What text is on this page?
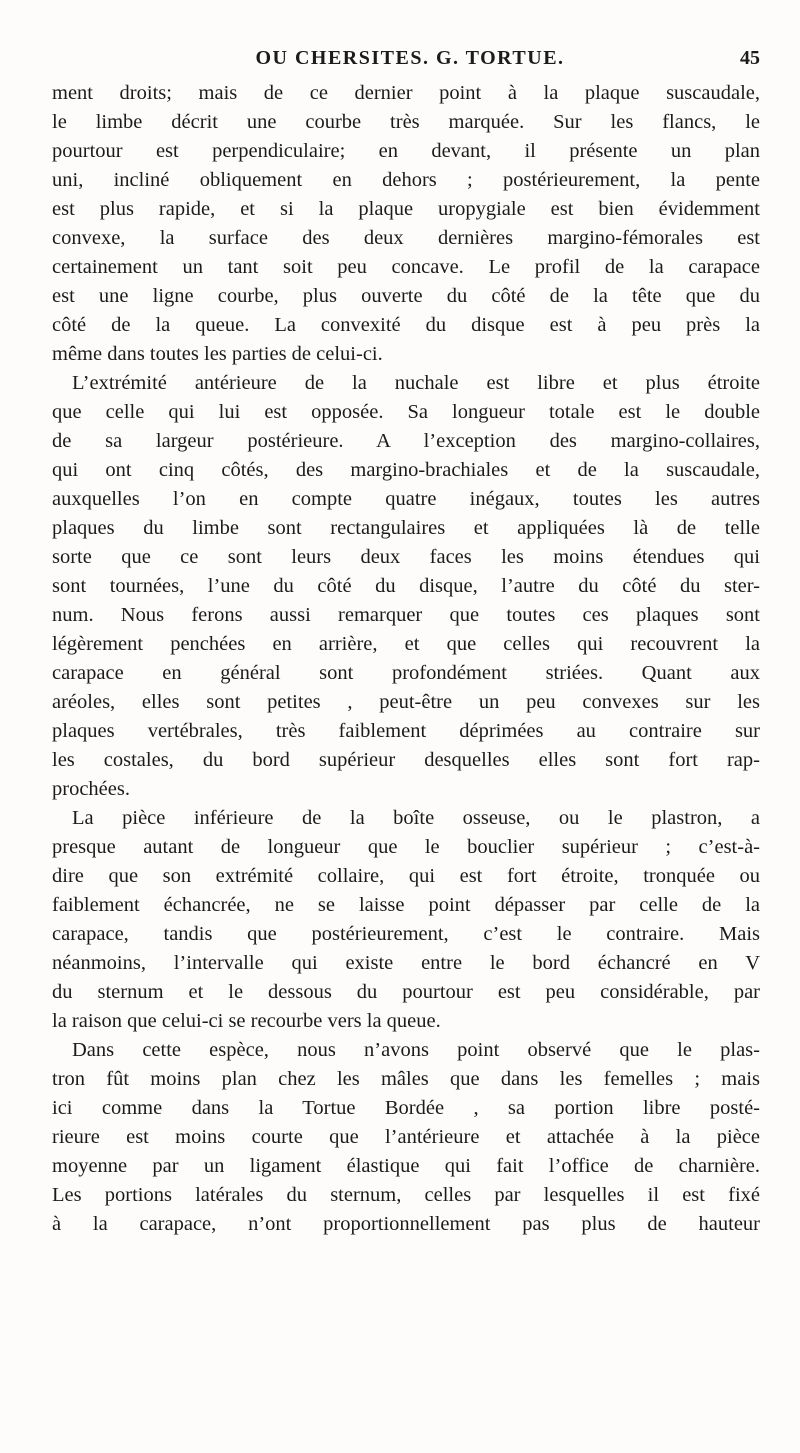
OU CHERSITES. G. TORTUE.	45
ment droits; mais de ce dernier point à la plaque suscaudale,
le limbe décrit une courbe très marquée. Sur les flancs, le
pourtour est perpendiculaire; en devant, il présente un plan
uni, incliné obliquement en dehors ; postérieurement, la pente
est plus rapide, et si la plaque uropygiale est bien évidemment
convexe, la surface des deux dernières margino-fémorales est
certainement un tant soit peu concave. Le profil de la carapace
est une ligne courbe, plus ouverte du côté de la tête que du
côté de la queue. La convexité du disque est à peu près la
même dans toutes les parties de celui-ci.
L’extrémité antérieure de la nuchale est libre et plus étroite
que celle qui lui est opposée. Sa longueur totale est le double
de sa largeur postérieure. A l’exception des margino-collaires,
qui ont cinq côtés, des margino-brachiales et de la suscaudale,
auxquelles l’on en compte quatre inégaux, toutes les autres
plaques du limbe sont rectangulaires et appliquées là de telle
sorte que ce sont leurs deux faces les moins étendues qui
sont tournées, l’une du côté du disque, l’autre du côté du ster-
num. Nous ferons aussi remarquer que toutes ces plaques sont
légèrement penchées en arrière, et que celles qui recouvrent la
carapace en général sont profondément striées. Quant aux
aréoles, elles sont petites , peut-être un peu convexes sur les
plaques vertébrales, très faiblement déprimées au contraire sur
les costales, du bord supérieur desquelles elles sont fort rap-
prochées.
La pièce inférieure de la boîte osseuse, ou le plastron, a
presque autant de longueur que le bouclier supérieur ; c’est-à-
dire que son extrémité collaire, qui est fort étroite, tronquée ou
faiblement échancrée, ne se laisse point dépasser par celle de la
carapace, tandis que postérieurement, c’est le contraire. Mais
néanmoins, l’intervalle qui existe entre le bord échancré en V
du sternum et le dessous du pourtour est peu considérable, par
la raison que celui-ci se recourbe vers la queue.
Dans cette espèce, nous n’avons point observé que le plas-
tron fût moins plan chez les mâles que dans les femelles ; mais
ici comme dans la Tortue Bordée , sa portion libre posté-
rieure est moins courte que l’antérieure et attachée à la pièce
moyenne par un ligament élastique qui fait l’office de charnière.
Les portions latérales du sternum, celles par lesquelles il est fixé
à la carapace, n’ont proportionnellement pas plus de hauteur
